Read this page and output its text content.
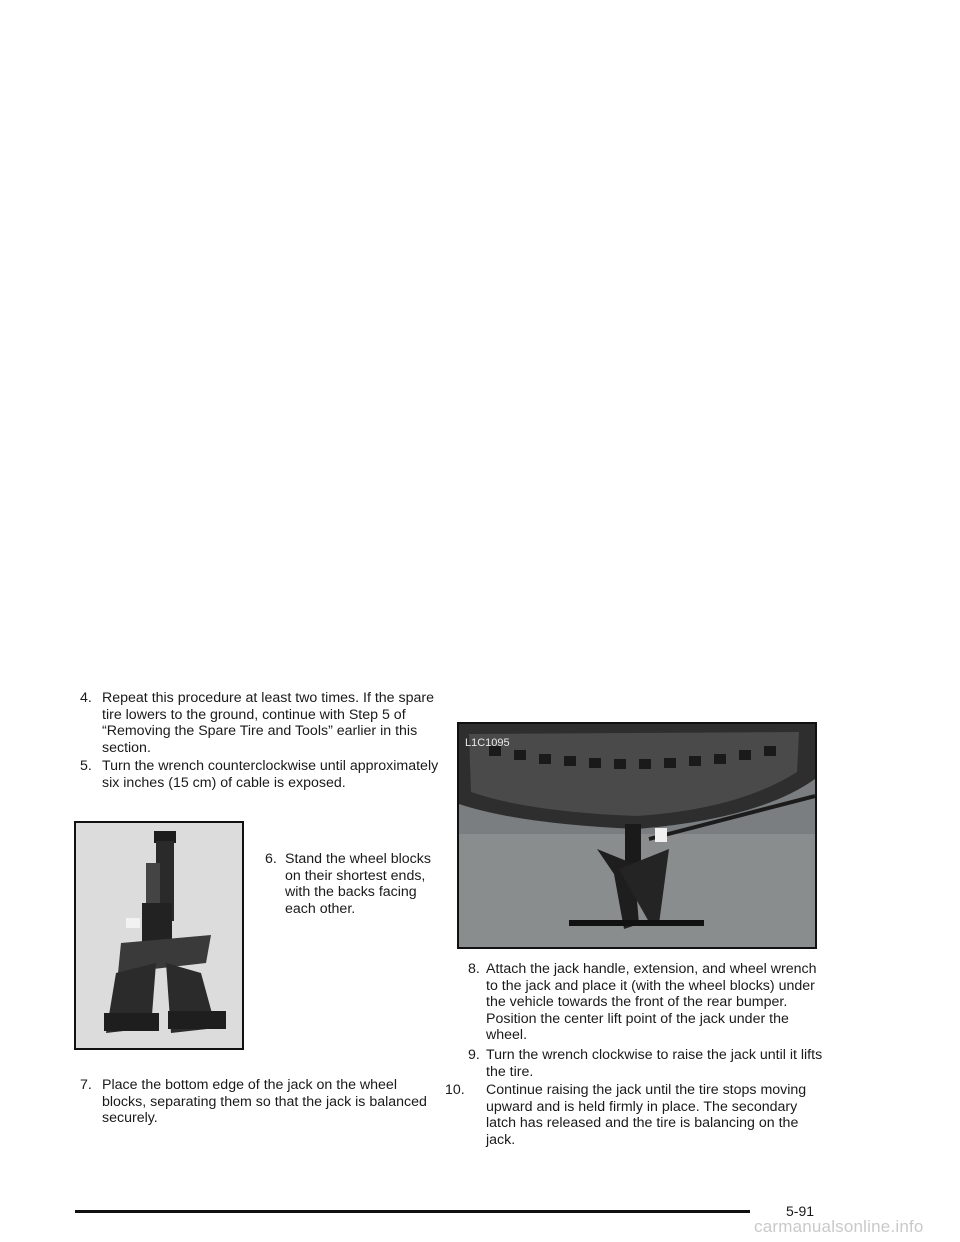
4. Repeat this procedure at least two times. If the spare tire lowers to the ground, continue with Step 5 of “Removing the Spare Tire and Tools” earlier in this section.

5. Turn the wrench counterclockwise until approximately six inches (15 cm) of cable is exposed.

6. Stand the wheel blocks on their shortest ends, with the backs facing each other.

7. Place the bottom edge of the jack on the wheel blocks, separating them so that the jack is balanced securely.

L1C1095

8. Attach the jack handle, extension, and wheel wrench to the jack and place it (with the wheel blocks) under the vehicle towards the front of the rear bumper. Position the center lift point of the jack under the wheel.

9. Turn the wrench clockwise to raise the jack until it lifts the tire.

10. Continue raising the jack until the tire stops moving upward and is held firmly in place. The secondary latch has released and the tire is balancing on the jack.

5-91
carmanualsonline.info
